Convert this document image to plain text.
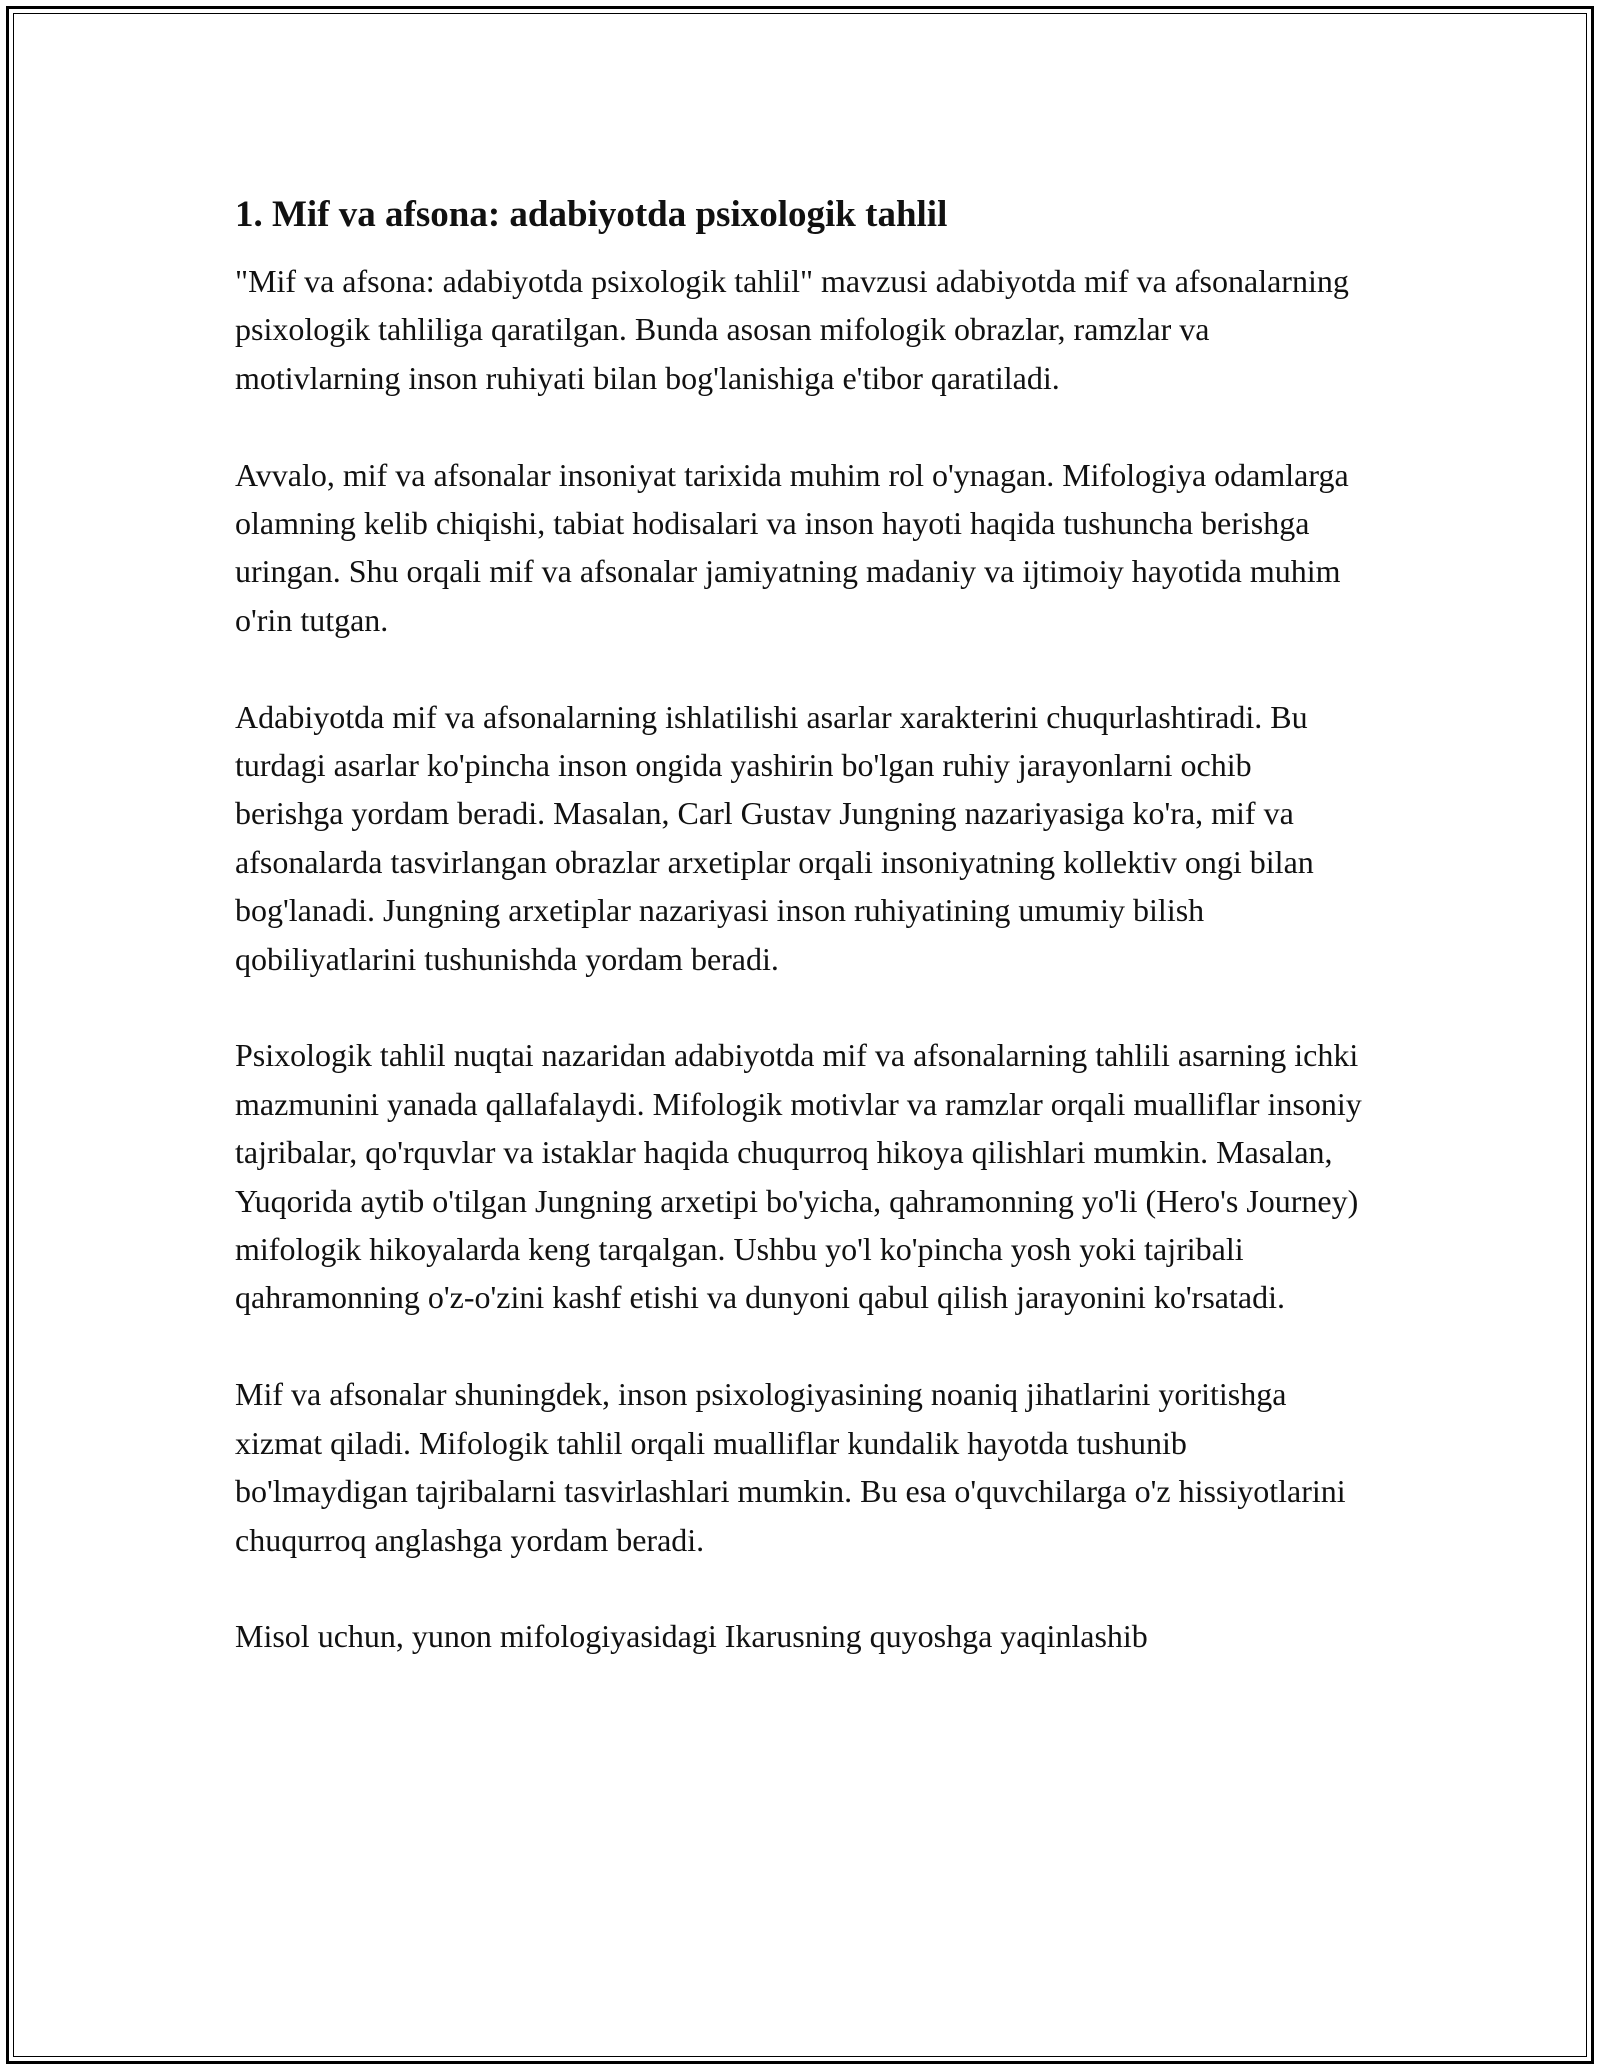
1. Mif va afsona: adabiyotda psixologik tahlil

"Mif va afsona: adabiyotda psixologik tahlil" mavzusi adabiyotda mif va afsonalarning psixologik tahliliga qaratilgan. Bunda asosan mifologik obrazlar, ramzlar va motivlarning inson ruhiyati bilan bog'lanishiga e'tibor qaratiladi.

Avvalo, mif va afsonalar insoniyat tarixida muhim rol o'ynagan. Mifologiya odamlarga olamning kelib chiqishi, tabiat hodisalari va inson hayoti haqida tushuncha berishga uringan. Shu orqali mif va afsonalar jamiyatning madaniy va ijtimoiy hayotida muhim o'rin tutgan.

Adabiyotda mif va afsonalarning ishlatilishi asarlar xarakterini chuqurlashtiradi. Bu turdagi asarlar ko'pincha inson ongida yashirin bo'lgan ruhiy jarayonlarni ochib berishga yordam beradi. Masalan, Carl Gustav Jungning nazariyasiga ko'ra, mif va afsonalarda tasvirlangan obrazlar arxetiplar orqali insoniyatning kollektiv ongi bilan bog'lanadi. Jungning arxetiplar nazariyasi inson ruhiyatining umumiy bilish qobiliyatlarini tushunishda yordam beradi.

Psixologik tahlil nuqtai nazaridan adabiyotda mif va afsonalarning tahlili asarning ichki mazmunini yanada qallafalaydi. Mifologik motivlar va ramzlar orqali mualliflar insoniy tajribalar, qo'rquvlar va istaklar haqida chuqurroq hikoya qilishlari mumkin. Masalan, Yuqorida aytib o'tilgan Jungning arxetipi bo'yicha, qahramonning yo'li (Hero's Journey) mifologik hikoyalarda keng tarqalgan. Ushbu yo'l ko'pincha yosh yoki tajribali qahramonning o'z-o'zini kashf etishi va dunyoni qabul qilish jarayonini ko'rsatadi.

Mif va afsonalar shuningdek, inson psixologiyasining noaniq jihatlarini yoritishga xizmat qiladi. Mifologik tahlil orqali mualliflar kundalik hayotda tushunib bo'lmaydigan tajribalarni tasvirlashlari mumkin. Bu esa o'quvchilarga o'z hissiyotlarini chuqurroq anglashga yordam beradi.

Misol uchun, yunon mifologiyasidagi Ikarusning quyoshga yaqinlashib
